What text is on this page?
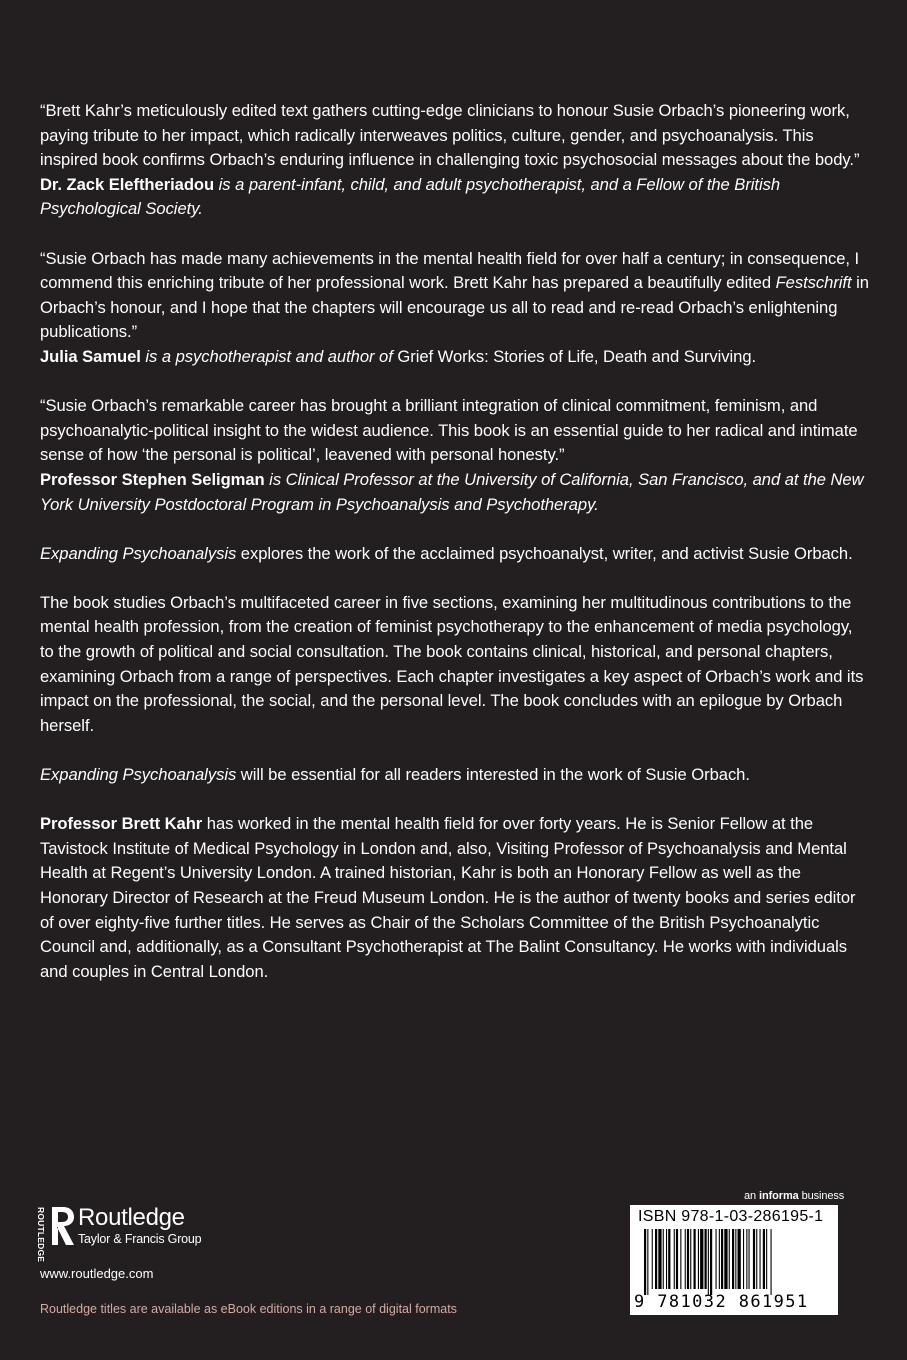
“Brett Kahr’s meticulously edited text gathers cutting-edge clinicians to honour Susie Orbach’s pioneering work, paying tribute to her impact, which radically interweaves politics, culture, gender, and psychoanalysis. This inspired book confirms Orbach’s enduring influence in challenging toxic psychosocial messages about the body.”
Dr. Zack Eleftheriadou is a parent-infant, child, and adult psychotherapist, and a Fellow of the British Psychological Society.

“Susie Orbach has made many achievements in the mental health field for over half a century; in consequence, I commend this enriching tribute of her professional work. Brett Kahr has prepared a beautifully edited Festschrift in Orbach’s honour, and I hope that the chapters will encourage us all to read and re-read Orbach’s enlightening publications.”
Julia Samuel is a psychotherapist and author of Grief Works: Stories of Life, Death and Surviving.

“Susie Orbach’s remarkable career has brought a brilliant integration of clinical commitment, feminism, and psychoanalytic-political insight to the widest audience. This book is an essential guide to her radical and intimate sense of how ‘the personal is political’, leavened with personal honesty.”
Professor Stephen Seligman is Clinical Professor at the University of California, San Francisco, and at the New York University Postdoctoral Program in Psychoanalysis and Psychotherapy.

Expanding Psychoanalysis explores the work of the acclaimed psychoanalyst, writer, and activist Susie Orbach.

The book studies Orbach’s multifaceted career in five sections, examining her multitudinous contributions to the mental health profession, from the creation of feminist psychotherapy to the enhancement of media psychology, to the growth of political and social consultation. The book contains clinical, historical, and personal chapters, examining Orbach from a range of perspectives. Each chapter investigates a key aspect of Orbach’s work and its impact on the professional, the social, and the personal level. The book concludes with an epilogue by Orbach herself.

Expanding Psychoanalysis will be essential for all readers interested in the work of Susie Orbach.

Professor Brett Kahr has worked in the mental health field for over forty years. He is Senior Fellow at the Tavistock Institute of Medical Psychology in London and, also, Visiting Professor of Psychoanalysis and Mental Health at Regent’s University London. A trained historian, Kahr is both an Honorary Fellow as well as the Honorary Director of Research at the Freud Museum London. He is the author of twenty books and series editor of over eighty-five further titles. He serves as Chair of the Scholars Committee of the British Psychoanalytic Council and, additionally, as a Consultant Psychotherapist at The Balint Consultancy. He works with individuals and couples in Central London.

ROUTLEDGE Routledge
Taylor & Francis Group
www.routledge.com
Routledge titles are available as eBook editions in a range of digital formats
an informa business
ISBN 978-1-03-286195-1
9 781032 861951
